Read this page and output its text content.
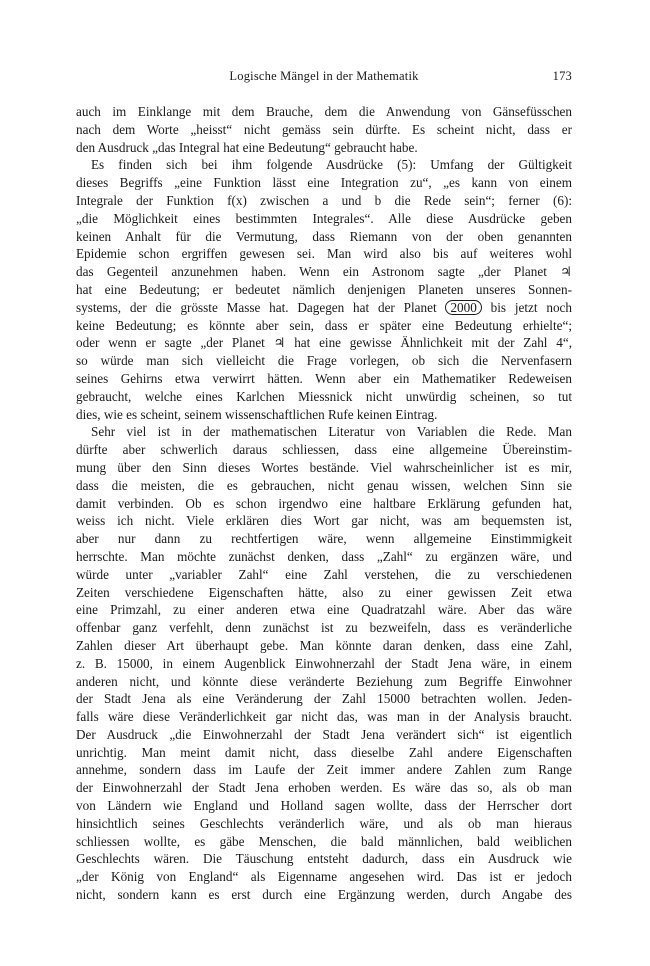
Logische Mängel in der Mathematik	173

auch im Einklange mit dem Brauche, dem die Anwendung von Gänsefüsschen

nach dem Worte „heisst“ nicht gemäss sein dürfte. Es scheint nicht, dass er

den Ausdruck „das Integral hat eine Bedeutung“ gebraucht habe.

Es finden sich bei ihm folgende Ausdrücke (5): Umfang der Gültigkeit

dieses Begriffs „eine Funktion lässt eine Integration zu“, „es kann von einem

Integrale der Funktion f(x) zwischen a und b die Rede sein“; ferner (6):

„die Möglichkeit eines bestimmten Integrales“. Alle diese Ausdrücke geben

keinen Anhalt für die Vermutung, dass Riemann von der oben genannten

Epidemie schon ergriffen gewesen sei. Man wird also bis auf weiteres wohl

das Gegenteil anzunehmen haben. Wenn ein Astronom sagte „der Planet ♃

hat eine Bedeutung; er bedeutet nämlich denjenigen Planeten unseres Sonnen-

systems, der die grösste Masse hat. Dagegen hat der Planet 2000 bis jetzt noch

keine Bedeutung; es könnte aber sein, dass er später eine Bedeutung erhielte“;

oder wenn er sagte „der Planet ♃ hat eine gewisse Ähnlichkeit mit der Zahl 4“,

so würde man sich vielleicht die Frage vorlegen, ob sich die Nervenfasern

seines Gehirns etwa verwirrt hätten. Wenn aber ein Mathematiker Redeweisen

gebraucht, welche eines Karlchen Miessnick nicht unwürdig scheinen, so tut

dies, wie es scheint, seinem wissenschaftlichen Rufe keinen Eintrag.

Sehr viel ist in der mathematischen Literatur von Variablen die Rede. Man

dürfte aber schwerlich daraus schliessen, dass eine allgemeine Übereinstim-

mung über den Sinn dieses Wortes bestände. Viel wahrscheinlicher ist es mir,

dass die meisten, die es gebrauchen, nicht genau wissen, welchen Sinn sie

damit verbinden. Ob es schon irgendwo eine haltbare Erklärung gefunden hat,

weiss ich nicht. Viele erklären dies Wort gar nicht, was am bequemsten ist,

aber nur dann zu rechtfertigen wäre, wenn allgemeine Einstimmigkeit

herrschte. Man möchte zunächst denken, dass „Zahl“ zu ergänzen wäre, und

würde unter „variabler Zahl“ eine Zahl verstehen, die zu verschiedenen

Zeiten verschiedene Eigenschaften hätte, also zu einer gewissen Zeit etwa

eine Primzahl, zu einer anderen etwa eine Quadratzahl wäre. Aber das wäre

offenbar ganz verfehlt, denn zunächst ist zu bezweifeln, dass es veränderliche

Zahlen dieser Art überhaupt gebe. Man könnte daran denken, dass eine Zahl,

z. B. 15000, in einem Augenblick Einwohnerzahl der Stadt Jena wäre, in einem

anderen nicht, und könnte diese veränderte Beziehung zum Begriffe Einwohner

der Stadt Jena als eine Veränderung der Zahl 15000 betrachten wollen. Jeden-

falls wäre diese Veränderlichkeit gar nicht das, was man in der Analysis braucht.

Der Ausdruck „die Einwohnerzahl der Stadt Jena verändert sich“ ist eigentlich

unrichtig. Man meint damit nicht, dass dieselbe Zahl andere Eigenschaften

annehme, sondern dass im Laufe der Zeit immer andere Zahlen zum Range

der Einwohnerzahl der Stadt Jena erhoben werden. Es wäre das so, als ob man

von Ländern wie England und Holland sagen wollte, dass der Herrscher dort

hinsichtlich seines Geschlechts veränderlich wäre, und als ob man hieraus

schliessen wollte, es gäbe Menschen, die bald männlichen, bald weiblichen

Geschlechts wären. Die Täuschung entsteht dadurch, dass ein Ausdruck wie

„der König von England“ als Eigenname angesehen wird. Das ist er jedoch

nicht, sondern kann es erst durch eine Ergänzung werden, durch Angabe des
